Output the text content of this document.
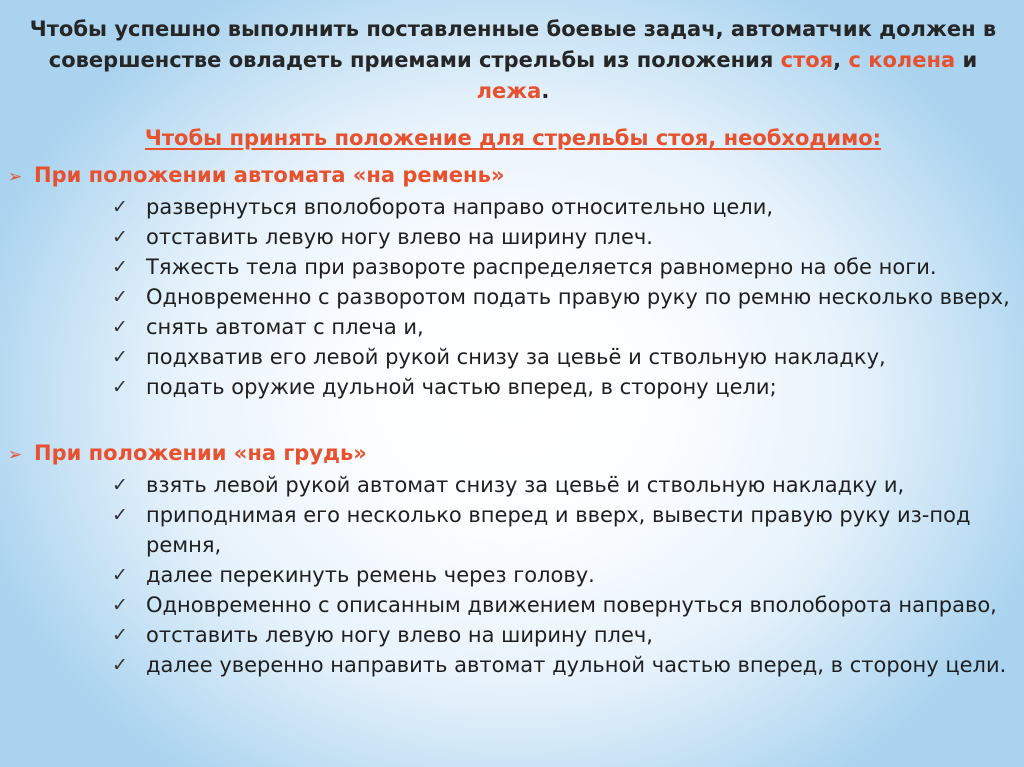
Чтобы успешно выполнить поставленные боевые задач, автоматчик должен в совершенстве овладеть приемами стрельбы из положения стоя, с колена и лежа.
Чтобы принять положение для стрельбы стоя, необходимо:
➢ При положении автомата «на ремень»
✓ развернуться вполоборота направо относительно цели,
✓ отставить левую ногу влево на ширину плеч.
✓ Тяжесть тела при развороте распределяется равномерно на обе ноги.
✓ Одновременно с разворотом подать правую руку по ремню несколько вверх,
✓ снять автомат с плеча и,
✓ подхватив его левой рукой снизу за цевьё и ствольную накладку,
✓ подать оружие дульной частью вперед, в сторону цели;
➢ При положении «на грудь»
✓ взять левой рукой автомат снизу за цевьё и ствольную накладку и,
✓ приподнимая его несколько вперед и вверх, вывести правую руку из-под ремня,
✓ далее перекинуть ремень через голову.
✓ Одновременно с описанным движением повернуться вполоборота направо,
✓ отставить левую ногу влево на ширину плеч,
✓ далее уверенно направить автомат дульной частью вперед, в сторону цели.
